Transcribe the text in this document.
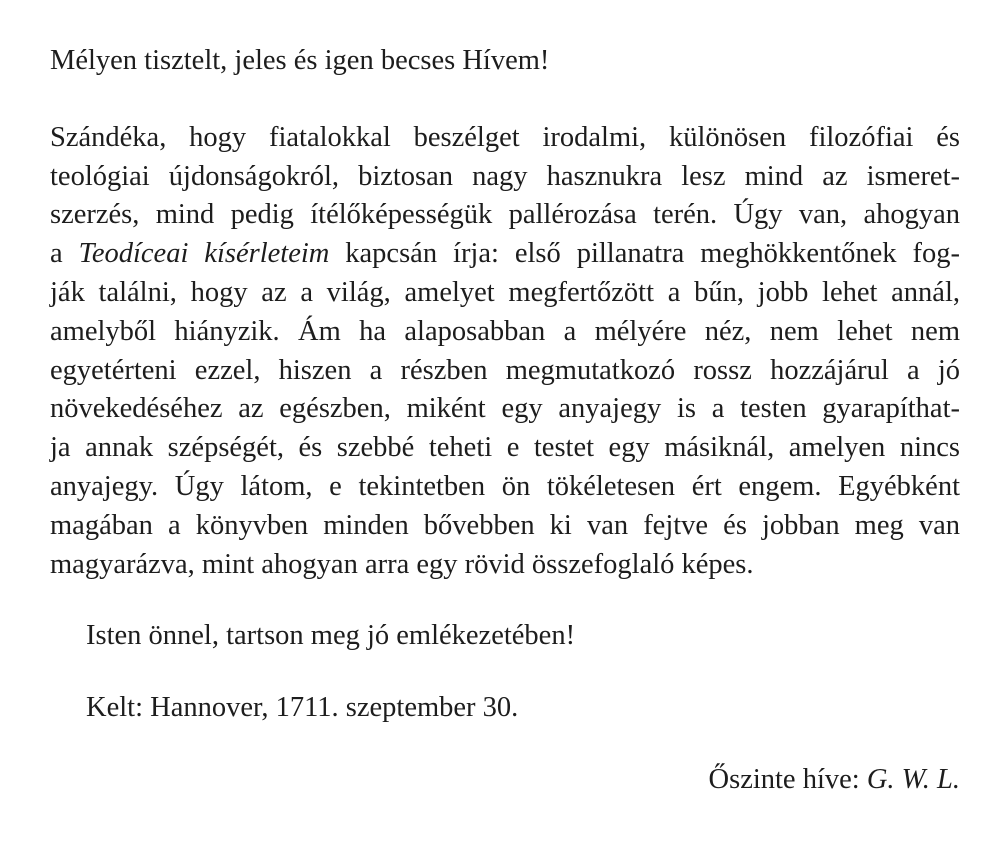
Mélyen tisztelt, jeles és igen becses Hívem!

Szándéka, hogy fiatalokkal beszélget irodalmi, különösen filozófiai és
teológiai újdonságokról, biztosan nagy hasznukra lesz mind az ismeret-
szerzés, mind pedig ítélőképességük pallérozása terén. Úgy van, ahogyan
a Teodíceai kísérleteim kapcsán írja: első pillanatra meghökkentőnek fog-
ják találni, hogy az a világ, amelyet megfertőzött a bűn, jobb lehet annál,
amelyből hiányzik. Ám ha alaposabban a mélyére néz, nem lehet nem
egyetérteni ezzel, hiszen a részben megmutatkozó rossz hozzájárul a jó
növekedéséhez az egészben, miként egy anyajegy is a testen gyarapíthat-
ja annak szépségét, és szebbé teheti e testet egy másiknál, amelyen nincs
anyajegy. Úgy látom, e tekintetben ön tökéletesen ért engem. Egyébként
magában a könyvben minden bővebben ki van fejtve és jobban meg van
magyarázva, mint ahogyan arra egy rövid összefoglaló képes.

Isten önnel, tartson meg jó emlékezetében!

Kelt: Hannover, 1711. szeptember 30.

Őszinte híve: G. W. L.
